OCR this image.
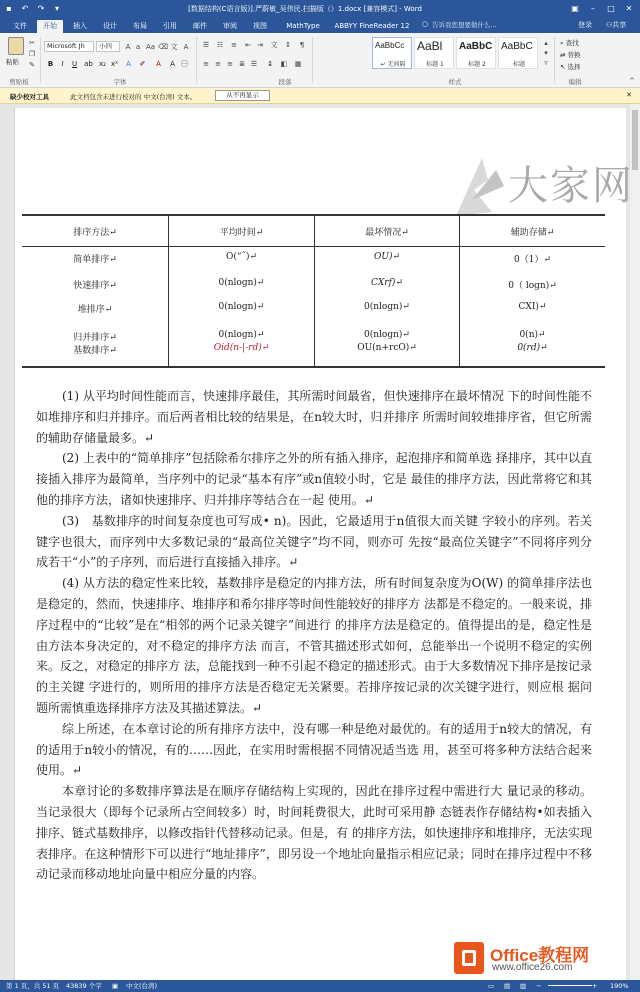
▪ ↶ ↷	▾	[数据结构(C语言版)].严蔚敏_吴伟民.扫描版（）1.docx [兼容模式] - Word	▣	–	□	✕
文件	开始	插入	设计	布局	引用	邮件	审阅	视图	MathType	ABBYY FineReader 12	○ 告诉我您想要做什么...	登录 ⚇共享
粘贴
✂
❐
✎
剪贴板
Microsoft Jh	小四	A a Aa ⌫ 文 A
B	I	U ab x₂ x² A	✐ A	A ㊀
字体
☰ ☷ ≡ ⇤ ⇥ 文 ↕ ¶
≡ ≡ ≡ ≣ ☰ ↨ ◧ ▦
段落
AaBbCc
↵ 无间隔
AaBl
标题 1
AaBbC
标题 2
AaBbC
标题
▴
▾
▿
样式
⌕ 查找
⇄ 替换
↖ 选择
编辑	^
缺少校对工具	此文档包含未进行校对的 中文(台湾) 文本。	从不再显示	✕
大家网
排序方法↵	平均时间↵	最坏情况↵	辅助存储↵
简单排序↵	O(“ˆ)↵	OU)↵	0（1）↵
快速排序↵	0(nlogn)↵	CXrf)↵	0（ logn)↵
堆排序↵	0(nlogn)↵	0(nlogn)↵	CXI)↵
归并排序↵	0(nlogn)↵	0(nlogn)↵	0(n)↵
基数排序↵	Oid(n-|-rd)↵	OU(n+rcO)↵	0(rd)↵

(1) 从平均时间性能而言，快速排序最佳，其所需时间最省，但快速排序在最坏情况 下的时间性能不如堆排序和归并排序。而后两者相比较的结果是，在n较大时，归并排序 所需时间较堆排序省，但它所需的辅助存储量最多。↵

(2) 上表中的“简单排序”包括除希尔排序之外的所有插入排序，起泡排序和简单选 择排序，其中以直接插入排序为最简单，当序列中的记录“基本有序”或n值较小时，它是 最佳的排序方法，因此常将它和其他的排序方法，诸如快速排序、归并排序等结合在一起 使用。↵

(3)　基数排序的时间复杂度也可写成• n)。因此，它最适用于n值很大而关键 字较小的序列。若关键字也很大，而序列中大多数记录的“最高位关键字”均不同，则亦可 先按“最高位关键字”不同将序列分成若干“小”的子序列，而后进行直接插入排序。↵

(4) 从方法的稳定性来比较，基数排序是稳定的内排方法，所有时间复杂度为O(W) 的简单排序法也是稳定的，然而，快速排序、堆排序和希尔排序等时间性能较好的排序方 法都是不稳定的。一般来说，排序过程中的“比较”是在“相邻的两个记录关键字”间进行 的排序方法是稳定的。值得提出的是，稳定性是由方法本身决定的，对不稳定的排序方法 而言，不管其描述形式如何，总能举出一个说明不稳定的实例来。反之，对稳定的排序方 法，总能找到一种不引起不稳定的描述形式。由于大多数情况下排序是按记录的主关键 字进行的，则所用的排序方法是否稳定无关紧要。若排序按记录的次关键字进行，则应根 据问题所需慎重选择排序方法及其描述算法。↵

综上所述，在本章讨论的所有排序方法中，没有哪一种是绝对最优的。有的适用于n较大的情况，有的适用于n较小的情况，有的……因此，在实用时需根据不同情况适当选 用，甚至可将多种方法结合起来使用。↵

本章讨论的多数排序算法是在顺序存储结构上实现的，因此在排序过程中需进行大 量记录的移动。当记录很大（即每个记录所占空间较多）时，时间耗费很大，此时可采用静 态链表作存储结构•如表插入排序、链式基数排序，以修改指针代替移动记录。但是，有 的排序方法，如快速排序和堆排序，无法实现表排序。在这种情形下可以进行“地址排序”，即另设一个地址向量指示相应记录；同时在排序过程中不移动记录而移动地址向量中相应分量的内容。

Office教程网
www.office26.com
第 1 页，共 51 页 43839 个字 ▣ 中文(台湾)	▭ ▤ ▥ −	+ 190%
